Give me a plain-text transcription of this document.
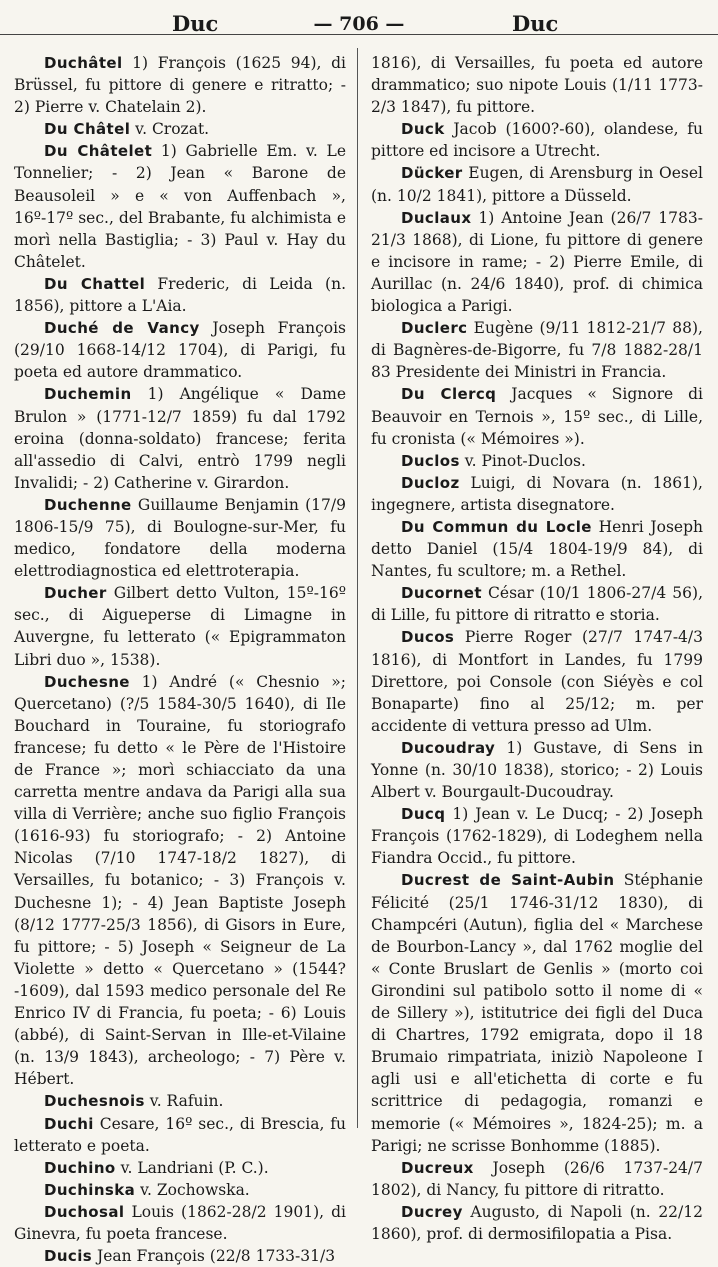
Duc	— 706 —	Duc

Duchâtel 1) François (1625 94), di Brüssel, fu pittore di genere e ritratto; - 2) Pierre v. Chatelain 2).

Du Châtel v. Crozat.

Du Châtelet 1) Gabrielle Em. v. Le Tonnelier; - 2) Jean « Barone de Beausoleil » e « von Auffenbach », 16º-17º sec., del Brabante, fu alchimista e morì nella Bastiglia; - 3) Paul v. Hay du Châtelet.

Du Chattel Frederic, di Leida (n. 1856), pittore a L'Aia.

Duché de Vancy Joseph François (29/10 1668-14/12 1704), di Parigi, fu poeta ed autore drammatico.

Duchemin 1) Angélique « Dame Brulon » (1771-12/7 1859) fu dal 1792 eroina (donna-soldato) francese; ferita all'assedio di Calvi, entrò 1799 negli Invalidi; - 2) Catherine v. Girardon.

Duchenne Guillaume Benjamin (17/9 1806-15/9 75), di Boulogne-sur-Mer, fu medico, fondatore della moderna elettrodiagnostica ed elettroterapia.

Ducher Gilbert detto Vulton, 15º-16º sec., di Aigueperse di Limagne in Auvergne, fu letterato (« Epigrammaton Libri duo », 1538).

Duchesne 1) André (« Chesnio »; Quercetano) (?/5 1584-30/5 1640), di Ile Bouchard in Touraine, fu storiografo francese; fu detto « le Père de l'Histoire de France »; morì schiacciato da una carretta mentre andava da Parigi alla sua villa di Verrière; anche suo figlio François (1616-93) fu storiografo; - 2) Antoine Nicolas (7/10 1747-18/2 1827), di Versailles, fu botanico; - 3) François v. Duchesne 1); - 4) Jean Baptiste Joseph (8/12 1777-25/3 1856), di Gisors in Eure, fu pittore; - 5) Joseph « Seigneur de La Violette » detto « Quercetano » (1544?-1609), dal 1593 medico personale del Re Enrico IV di Francia, fu poeta; - 6) Louis (abbé), di Saint-Servan in Ille-et-Vilaine (n. 13/9 1843), archeologo; - 7) Père v. Hébert.

Duchesnois v. Rafuin.

Duchi Cesare, 16º sec., di Brescia, fu letterato e poeta.

Duchino v. Landriani (P. C.).

Duchinska v. Zochowska.

Duchosal Louis (1862-28/2 1901), di Ginevra, fu poeta francese.

Ducis Jean François (22/8 1733-31/3

1816), di Versailles, fu poeta ed autore drammatico; suo nipote Louis (1/11 1773-2/3 1847), fu pittore.

Duck Jacob (1600?-60), olandese, fu pittore ed incisore a Utrecht.

Dücker Eugen, di Arensburg in Oesel (n. 10/2 1841), pittore a Düsseld.

Duclaux 1) Antoine Jean (26/7 1783-21/3 1868), di Lione, fu pittore di genere e incisore in rame; - 2) Pierre Emile, di Aurillac (n. 24/6 1840), prof. di chimica biologica a Parigi.

Duclerc Eugène (9/11 1812-21/7 88), di Bagnères-de-Bigorre, fu 7/8 1882-28/1 83 Presidente dei Ministri in Francia.

Du Clercq Jacques « Signore di Beauvoir en Ternois », 15º sec., di Lille, fu cronista (« Mémoires »).

Duclos v. Pinot-Duclos.

Ducloz Luigi, di Novara (n. 1861), ingegnere, artista disegnatore.

Du Commun du Locle Henri Joseph detto Daniel (15/4 1804-19/9 84), di Nantes, fu scultore; m. a Rethel.

Ducornet César (10/1 1806-27/4 56), di Lille, fu pittore di ritratto e storia.

Ducos Pierre Roger (27/7 1747-4/3 1816), di Montfort in Landes, fu 1799 Direttore, poi Console (con Siéyès e col Bonaparte) fino al 25/12; m. per accidente di vettura presso ad Ulm.

Ducoudray 1) Gustave, di Sens in Yonne (n. 30/10 1838), storico; - 2) Louis Albert v. Bourgault-Ducoudray.

Ducq 1) Jean v. Le Ducq; - 2) Joseph François (1762-1829), di Lodeghem nella Fiandra Occid., fu pittore.

Ducrest de Saint-Aubin Stéphanie Félicité (25/1 1746-31/12 1830), di Champcéri (Autun), figlia del « Marchese de Bourbon-Lancy », dal 1762 moglie del « Conte Bruslart de Genlis » (morto coi Girondini sul patibolo sotto il nome di « de Sillery »), istitutrice dei figli del Duca di Chartres, 1792 emigrata, dopo il 18 Brumaio rimpatriata, iniziò Napoleone I agli usi e all'etichetta di corte e fu scrittrice di pedagogia, romanzi e memorie (« Mémoires », 1824-25); m. a Parigi; ne scrisse Bonhomme (1885).

Ducreux Joseph (26/6 1737-24/7 1802), di Nancy, fu pittore di ritratto.

Ducrey Augusto, di Napoli (n. 22/12 1860), prof. di dermosifilopatia a Pisa.
